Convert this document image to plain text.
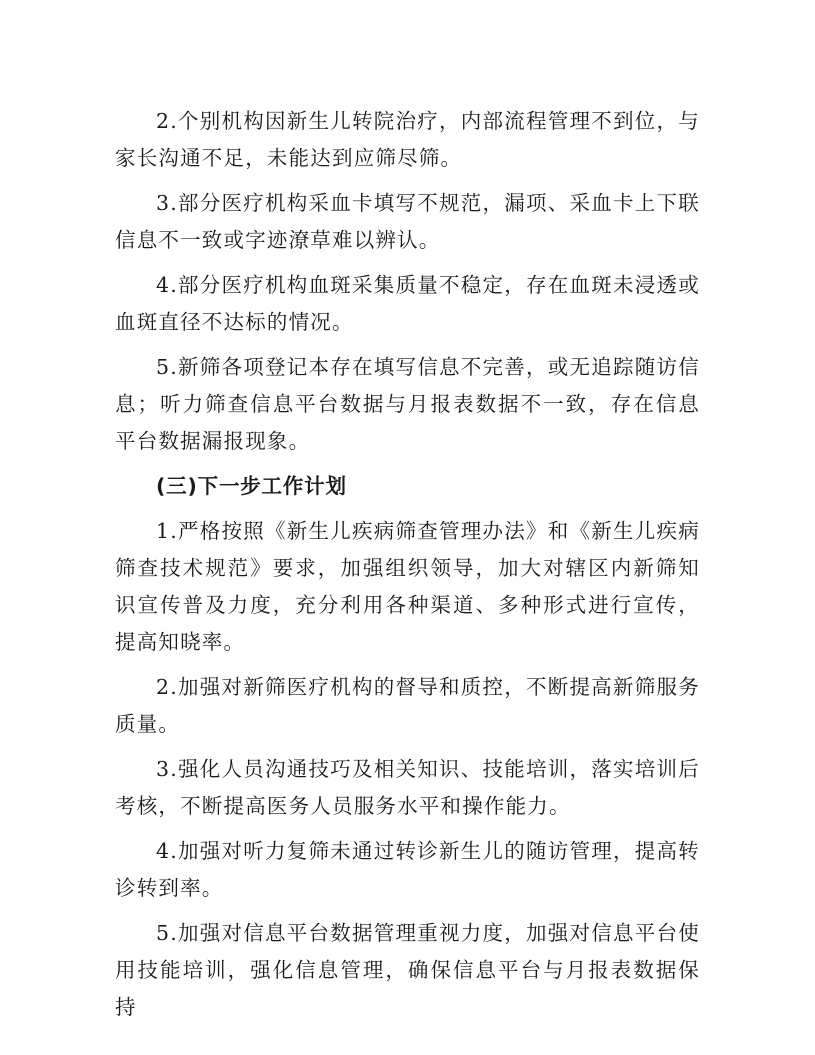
2.个别机构因新生儿转院治疗，内部流程管理不到位，与家长沟通不足，未能达到应筛尽筛。

3.部分医疗机构采血卡填写不规范，漏项、采血卡上下联信息不一致或字迹潦草难以辨认。

4.部分医疗机构血斑采集质量不稳定，存在血斑未浸透或血斑直径不达标的情况。

5.新筛各项登记本存在填写信息不完善，或无追踪随访信息；听力筛查信息平台数据与月报表数据不一致，存在信息平台数据漏报现象。

(三)下一步工作计划

1.严格按照《新生儿疾病筛查管理办法》和《新生儿疾病筛查技术规范》要求，加强组织领导，加大对辖区内新筛知识宣传普及力度，充分利用各种渠道、多种形式进行宣传，提高知晓率。

2.加强对新筛医疗机构的督导和质控，不断提高新筛服务质量。

3.强化人员沟通技巧及相关知识、技能培训，落实培训后考核，不断提高医务人员服务水平和操作能力。

4.加强对听力复筛未通过转诊新生儿的随访管理，提高转诊转到率。

5.加强对信息平台数据管理重视力度，加强对信息平台使用技能培训，强化信息管理，确保信息平台与月报表数据保持
